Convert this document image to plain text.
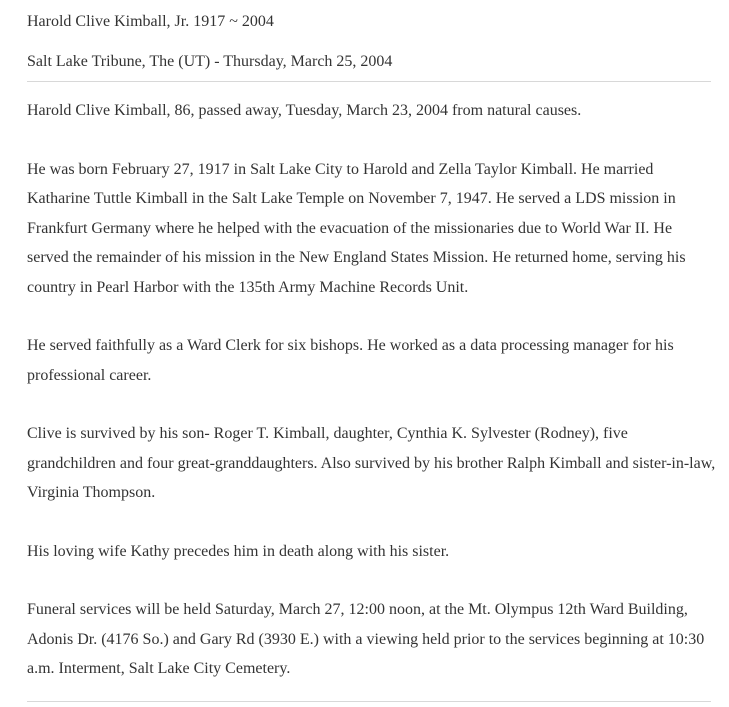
Harold Clive Kimball, Jr. 1917 ~ 2004
Salt Lake Tribune, The (UT) - Thursday, March 25, 2004

Harold Clive Kimball, 86, passed away, Tuesday, March 23, 2004 from natural causes.

He was born February 27, 1917 in Salt Lake City to Harold and Zella Taylor Kimball. He married Katharine Tuttle Kimball in the Salt Lake Temple on November 7, 1947. He served a LDS mission in Frankfurt Germany where he helped with the evacuation of the missionaries due to World War II. He served the remainder of his mission in the New England States Mission. He returned home, serving his country in Pearl Harbor with the 135th Army Machine Records Unit.

He served faithfully as a Ward Clerk for six bishops. He worked as a data processing manager for his professional career.

Clive is survived by his son- Roger T. Kimball, daughter, Cynthia K. Sylvester (Rodney), five grandchildren and four great-granddaughters. Also survived by his brother Ralph Kimball and sister-in-law, Virginia Thompson.

His loving wife Kathy precedes him in death along with his sister.

Funeral services will be held Saturday, March 27, 12:00 noon, at the Mt. Olympus 12th Ward Building, Adonis Dr. (4176 So.) and Gary Rd (3930 E.) with a viewing held prior to the services beginning at 10:30 a.m. Interment, Salt Lake City Cemetery.
